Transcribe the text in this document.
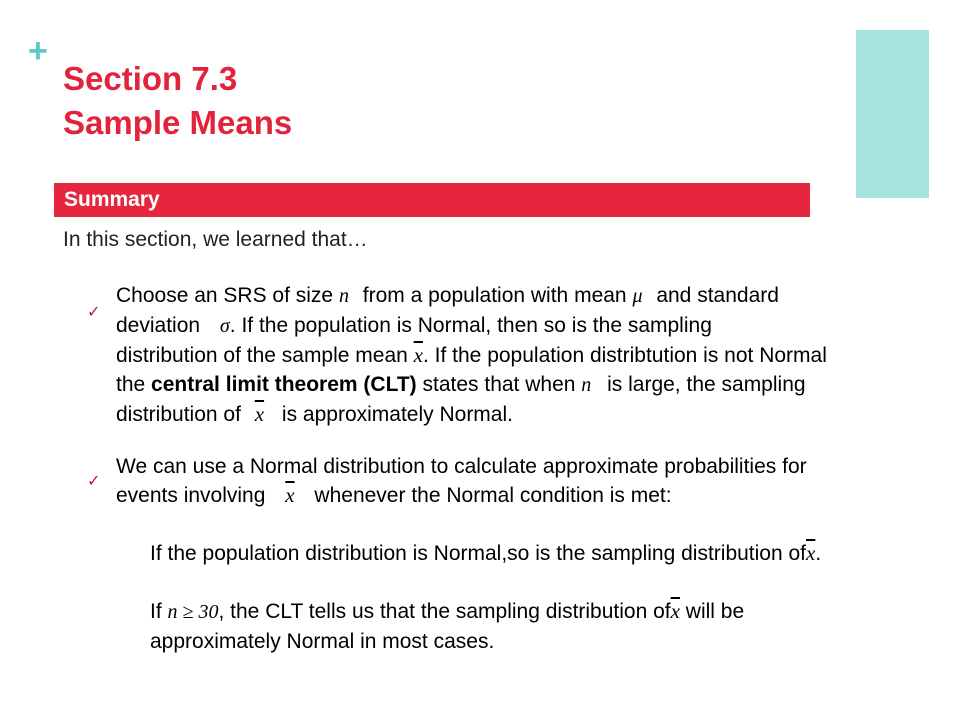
+
Section 7.3
Sample Means
Summary
In this section, we learned that…
✓
Choose an SRS of size n from a population with mean μ and standard
deviation σ. If the population is Normal, then so is the sampling
distribution of the sample mean $\overline{x}$. If the population distribtution is not Normal
the central limit theorem (CLT) states that when n is large, the sampling
distribution of $\overline{x}$ is approximately Normal.
✓
We can use a Normal distribution to calculate approximate probabilities for
events involving $\overline{x}$ whenever the Normal condition is met:
If the population distribution is Normal,so is the sampling distribution $of\overline{x}$.
If n ≥ 30, the CLT tells us that the sampling distribution $of\overline{x}$ will be
approximately Normal in most cases.
